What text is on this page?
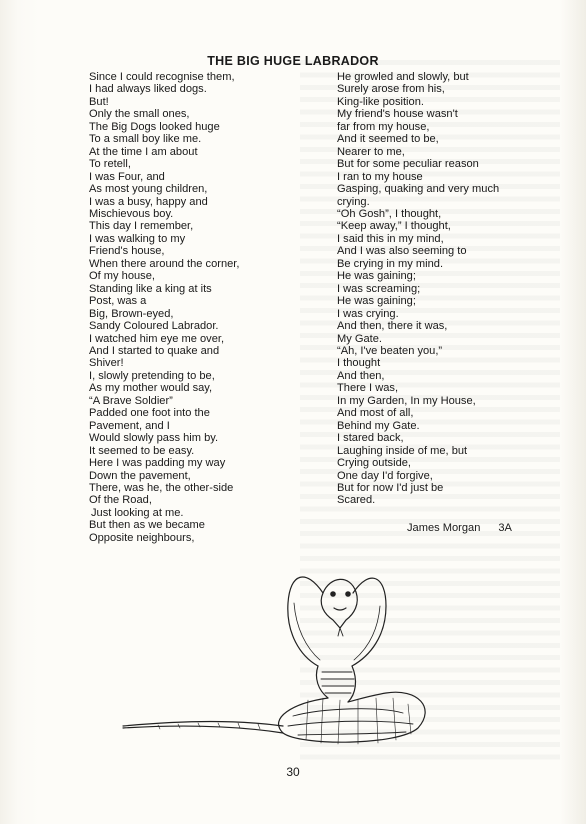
THE BIG HUGE LABRADOR
Since I could recognise them,
I had always liked dogs.
But!
Only the small ones,
The Big Dogs looked huge
To a small boy like me.
At the time I am about
To retell,
I was Four, and
As most young children,
I was a busy, happy and
Mischievous boy.
This day I remember,
I was walking to my
Friend's house,
When there around the corner,
Of my house,
Standing like a king at its
Post, was a
Big, Brown-eyed,
Sandy Coloured Labrador.
I watched him eye me over,
And I started to quake and
Shiver!
I, slowly pretending to be,
As my mother would say,
“A Brave Soldier”
Padded one foot into the
Pavement, and I
Would slowly pass him by.
It seemed to be easy.
Here I was padding my way
Down the pavement,
There, was he, the other-side
Of the Road,
Just looking at me.
But then as we became
Opposite neighbours,
He growled and slowly, but
Surely arose from his,
King-like position.
My friend's house wasn't
far from my house,
And it seemed to be,
Nearer to me,
But for some peculiar reason
I ran to my house
Gasping, quaking and very much
crying.
“Oh Gosh”, I thought,
“Keep away,” I thought,
I said this in my mind,
And I was also seeming to
Be crying in my mind.
He was gaining;
I was screaming;
He was gaining;
I was crying.
And then, there it was,
My Gate.
“Ah, I've beaten you,”
I thought
And then,
There I was,
In my Garden, In my House,
And most of all,
Behind my Gate.
I stared back,
Laughing inside of me, but
Crying outside,
One day I'd forgive,
But for now I'd just be
Scared.
James Morgan 3A
30
